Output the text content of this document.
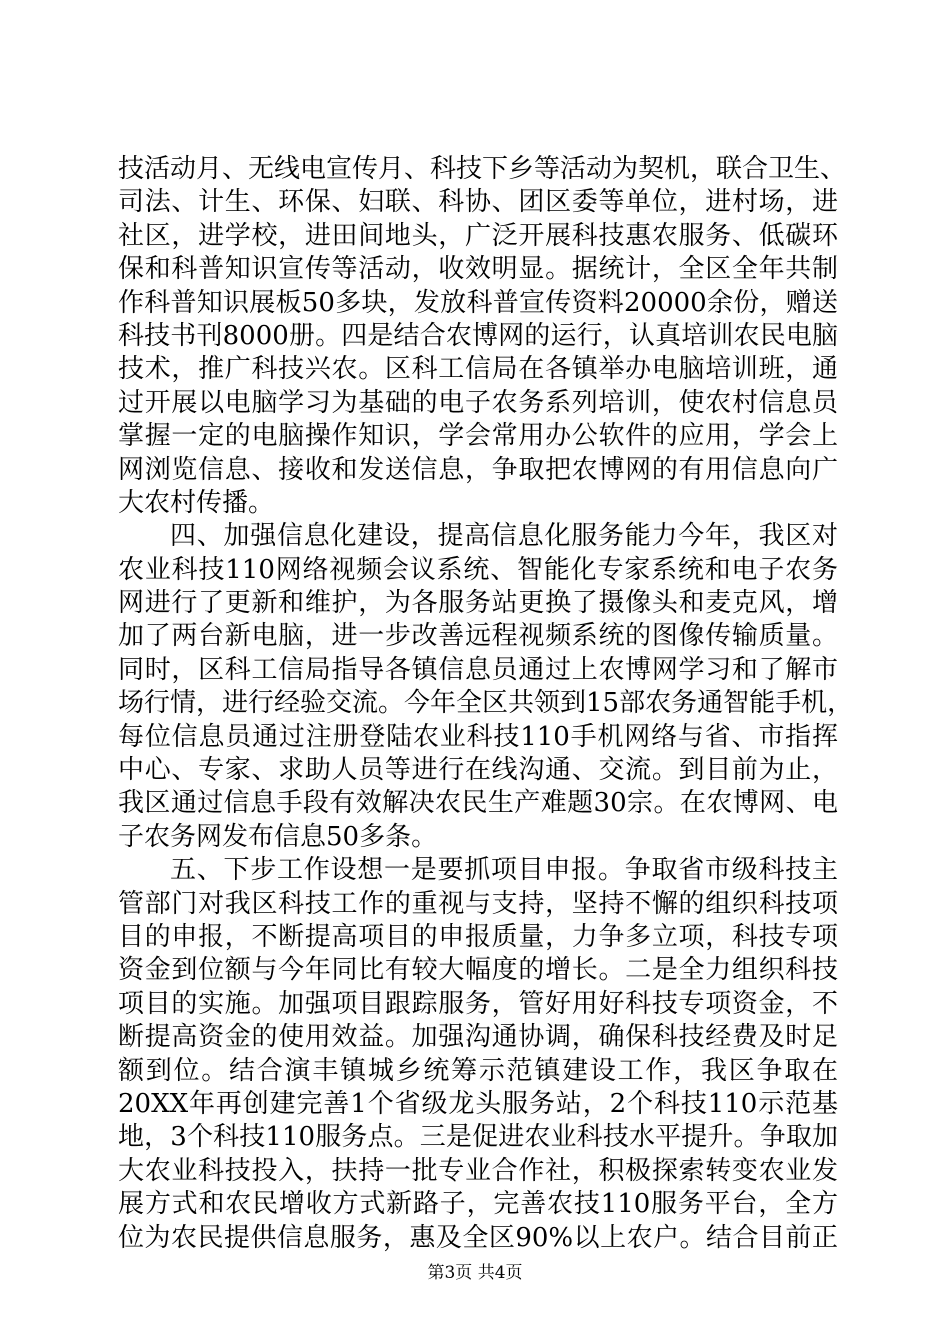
技活动月、无线电宣传月、科技下乡等活动为契机，联合卫生、
司法、计生、环保、妇联、科协、团区委等单位，进村场，进
社区，进学校，进田间地头，广泛开展科技惠农服务、低碳环
保和科普知识宣传等活动，收效明显。据统计，全区全年共制
作科普知识展板50多块，发放科普宣传资料20000余份，赠送
科技书刊8000册。四是结合农博网的运行，认真培训农民电脑
技术，推广科技兴农。区科工信局在各镇举办电脑培训班，通
过开展以电脑学习为基础的电子农务系列培训，使农村信息员
掌握一定的电脑操作知识，学会常用办公软件的应用，学会上
网浏览信息、接收和发送信息，争取把农博网的有用信息向广
大农村传播。
四、加强信息化建设，提高信息化服务能力今年，我区对
农业科技110网络视频会议系统、智能化专家系统和电子农务
网进行了更新和维护，为各服务站更换了摄像头和麦克风，增
加了两台新电脑，进一步改善远程视频系统的图像传输质量。
同时，区科工信局指导各镇信息员通过上农博网学习和了解市
场行情，进行经验交流。今年全区共领到15部农务通智能手机，
每位信息员通过注册登陆农业科技110手机网络与省、市指挥
中心、专家、求助人员等进行在线沟通、交流。到目前为止，
我区通过信息手段有效解决农民生产难题30宗。在农博网、电
子农务网发布信息50多条。
五、下步工作设想一是要抓项目申报。争取省市级科技主
管部门对我区科技工作的重视与支持，坚持不懈的组织科技项
目的申报，不断提高项目的申报质量，力争多立项，科技专项
资金到位额与今年同比有较大幅度的增长。二是全力组织科技
项目的实施。加强项目跟踪服务，管好用好科技专项资金，不
断提高资金的使用效益。加强沟通协调，确保科技经费及时足
额到位。结合演丰镇城乡统筹示范镇建设工作，我区争取在
20XX年再创建完善1个省级龙头服务站，2个科技110示范基
地，3个科技110服务点。三是促进农业科技水平提升。争取加
大农业科技投入，扶持一批专业合作社，积极探索转变农业发
展方式和农民增收方式新路子，完善农技110服务平台，全方
位为农民提供信息服务，惠及全区90%以上农户。结合目前正
第3页 共4页
